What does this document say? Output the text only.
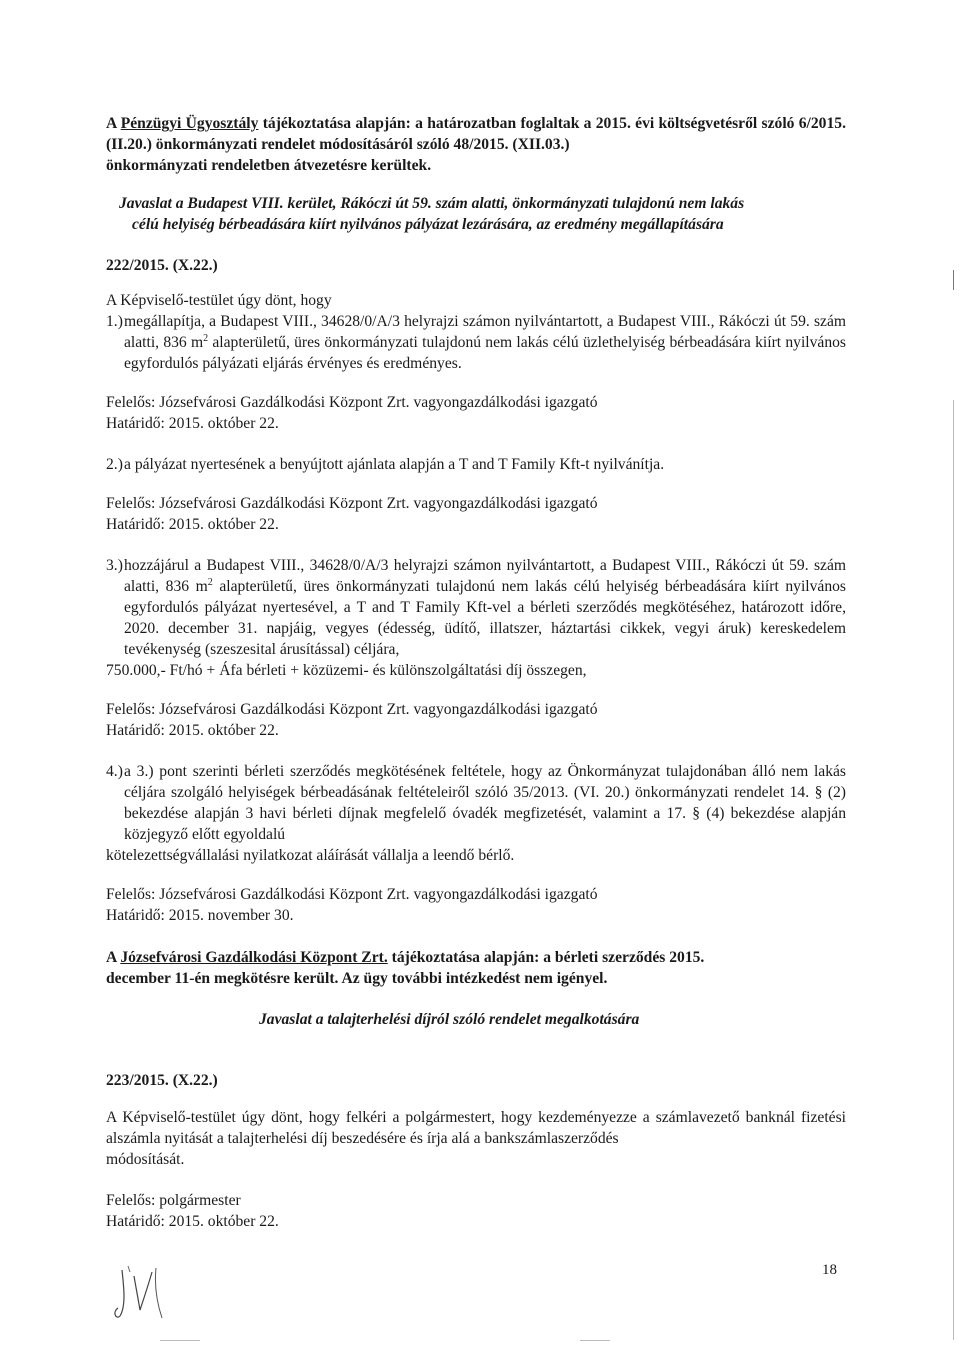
A Pénzügyi Ügyosztály tájékoztatása alapján: a határozatban foglaltak a 2015. évi költségvetésről szóló 6/2015. (II.20.) önkormányzati rendelet módosításáról szóló 48/2015. (XII.03.)

önkormányzati rendeletben átvezetésre kerültek.

Javaslat a Budapest VIII. kerület, Rákóczi út 59. szám alatti, önkormányzati tulajdonú nem lakás

célú helyiség bérbeadására kiírt nyilvános pályázat lezárására, az eredmény megállapítására

222/2015. (X.22.)

A Képviselő-testület úgy dönt, hogy

1.) megállapítja, a Budapest VIII., 34628/0/A/3 helyrajzi számon nyilvántartott, a Budapest VIII., Rákóczi út 59. szám alatti, 836 $m^2$ alapterületű, üres önkormányzati tulajdonú nem lakás célú üzlethelyiség bérbeadására kiírt nyilvános egyfordulós pályázati eljárás érvényes és eredményes.

Felelős: Józsefvárosi Gazdálkodási Központ Zrt. vagyongazdálkodási igazgató

Határidő: 2015. október 22.

2.) a pályázat nyertesének a benyújtott ajánlata alapján a T and T Family Kft-t nyilvánítja.

Felelős: Józsefvárosi Gazdálkodási Központ Zrt. vagyongazdálkodási igazgató

Határidő: 2015. október 22.

3.) hozzájárul a Budapest VIII., 34628/0/A/3 helyrajzi számon nyilvántartott, a Budapest VIII., Rákóczi út 59. szám alatti, 836 $m^2$ alapterületű, üres önkormányzati tulajdonú nem lakás célú helyiség bérbeadására kiírt nyilvános egyfordulós pályázat nyertesével, a T and T Family Kft-vel a bérleti szerződés megkötéséhez, határozott időre, 2020. december 31. napjáig, vegyes (édesség, üdítő, illatszer, háztartási cikkek, vegyi áruk) kereskedelem tevékenység (szeszesital árusítással) céljára,

750.000,- Ft/hó + Áfa bérleti + közüzemi- és különszolgáltatási díj összegen,

Felelős: Józsefvárosi Gazdálkodási Központ Zrt. vagyongazdálkodási igazgató

Határidő: 2015. október 22.

4.) a 3.) pont szerinti bérleti szerződés megkötésének feltétele, hogy az Önkormányzat tulajdonában álló nem lakás céljára szolgáló helyiségek bérbeadásának feltételeiről szóló 35/2013. (VI. 20.) önkormányzati rendelet 14. § (2) bekezdése alapján 3 havi bérleti díjnak megfelelő óvadék megfizetését, valamint a 17. § (4) bekezdése alapján közjegyző előtt egyoldalú

kötelezettségvállalási nyilatkozat aláírását vállalja a leendő bérlő.

Felelős: Józsefvárosi Gazdálkodási Központ Zrt. vagyongazdálkodási igazgató

Határidő: 2015. november 30.

A Józsefvárosi Gazdálkodási Központ Zrt. tájékoztatása alapján: a bérleti szerződés 2015.

december 11-én megkötésre került. Az ügy további intézkedést nem igényel.

Javaslat a talajterhelési díjról szóló rendelet megalkotására

223/2015. (X.22.)

A Képviselő-testület úgy dönt, hogy felkéri a polgármestert, hogy kezdeményezze a számlavezető banknál fizetési alszámla nyitását a talajterhelési díj beszedésére és írja alá a bankszámlaszerződés

módosítását.

Felelős: polgármester

Határidő: 2015. október 22.

18
